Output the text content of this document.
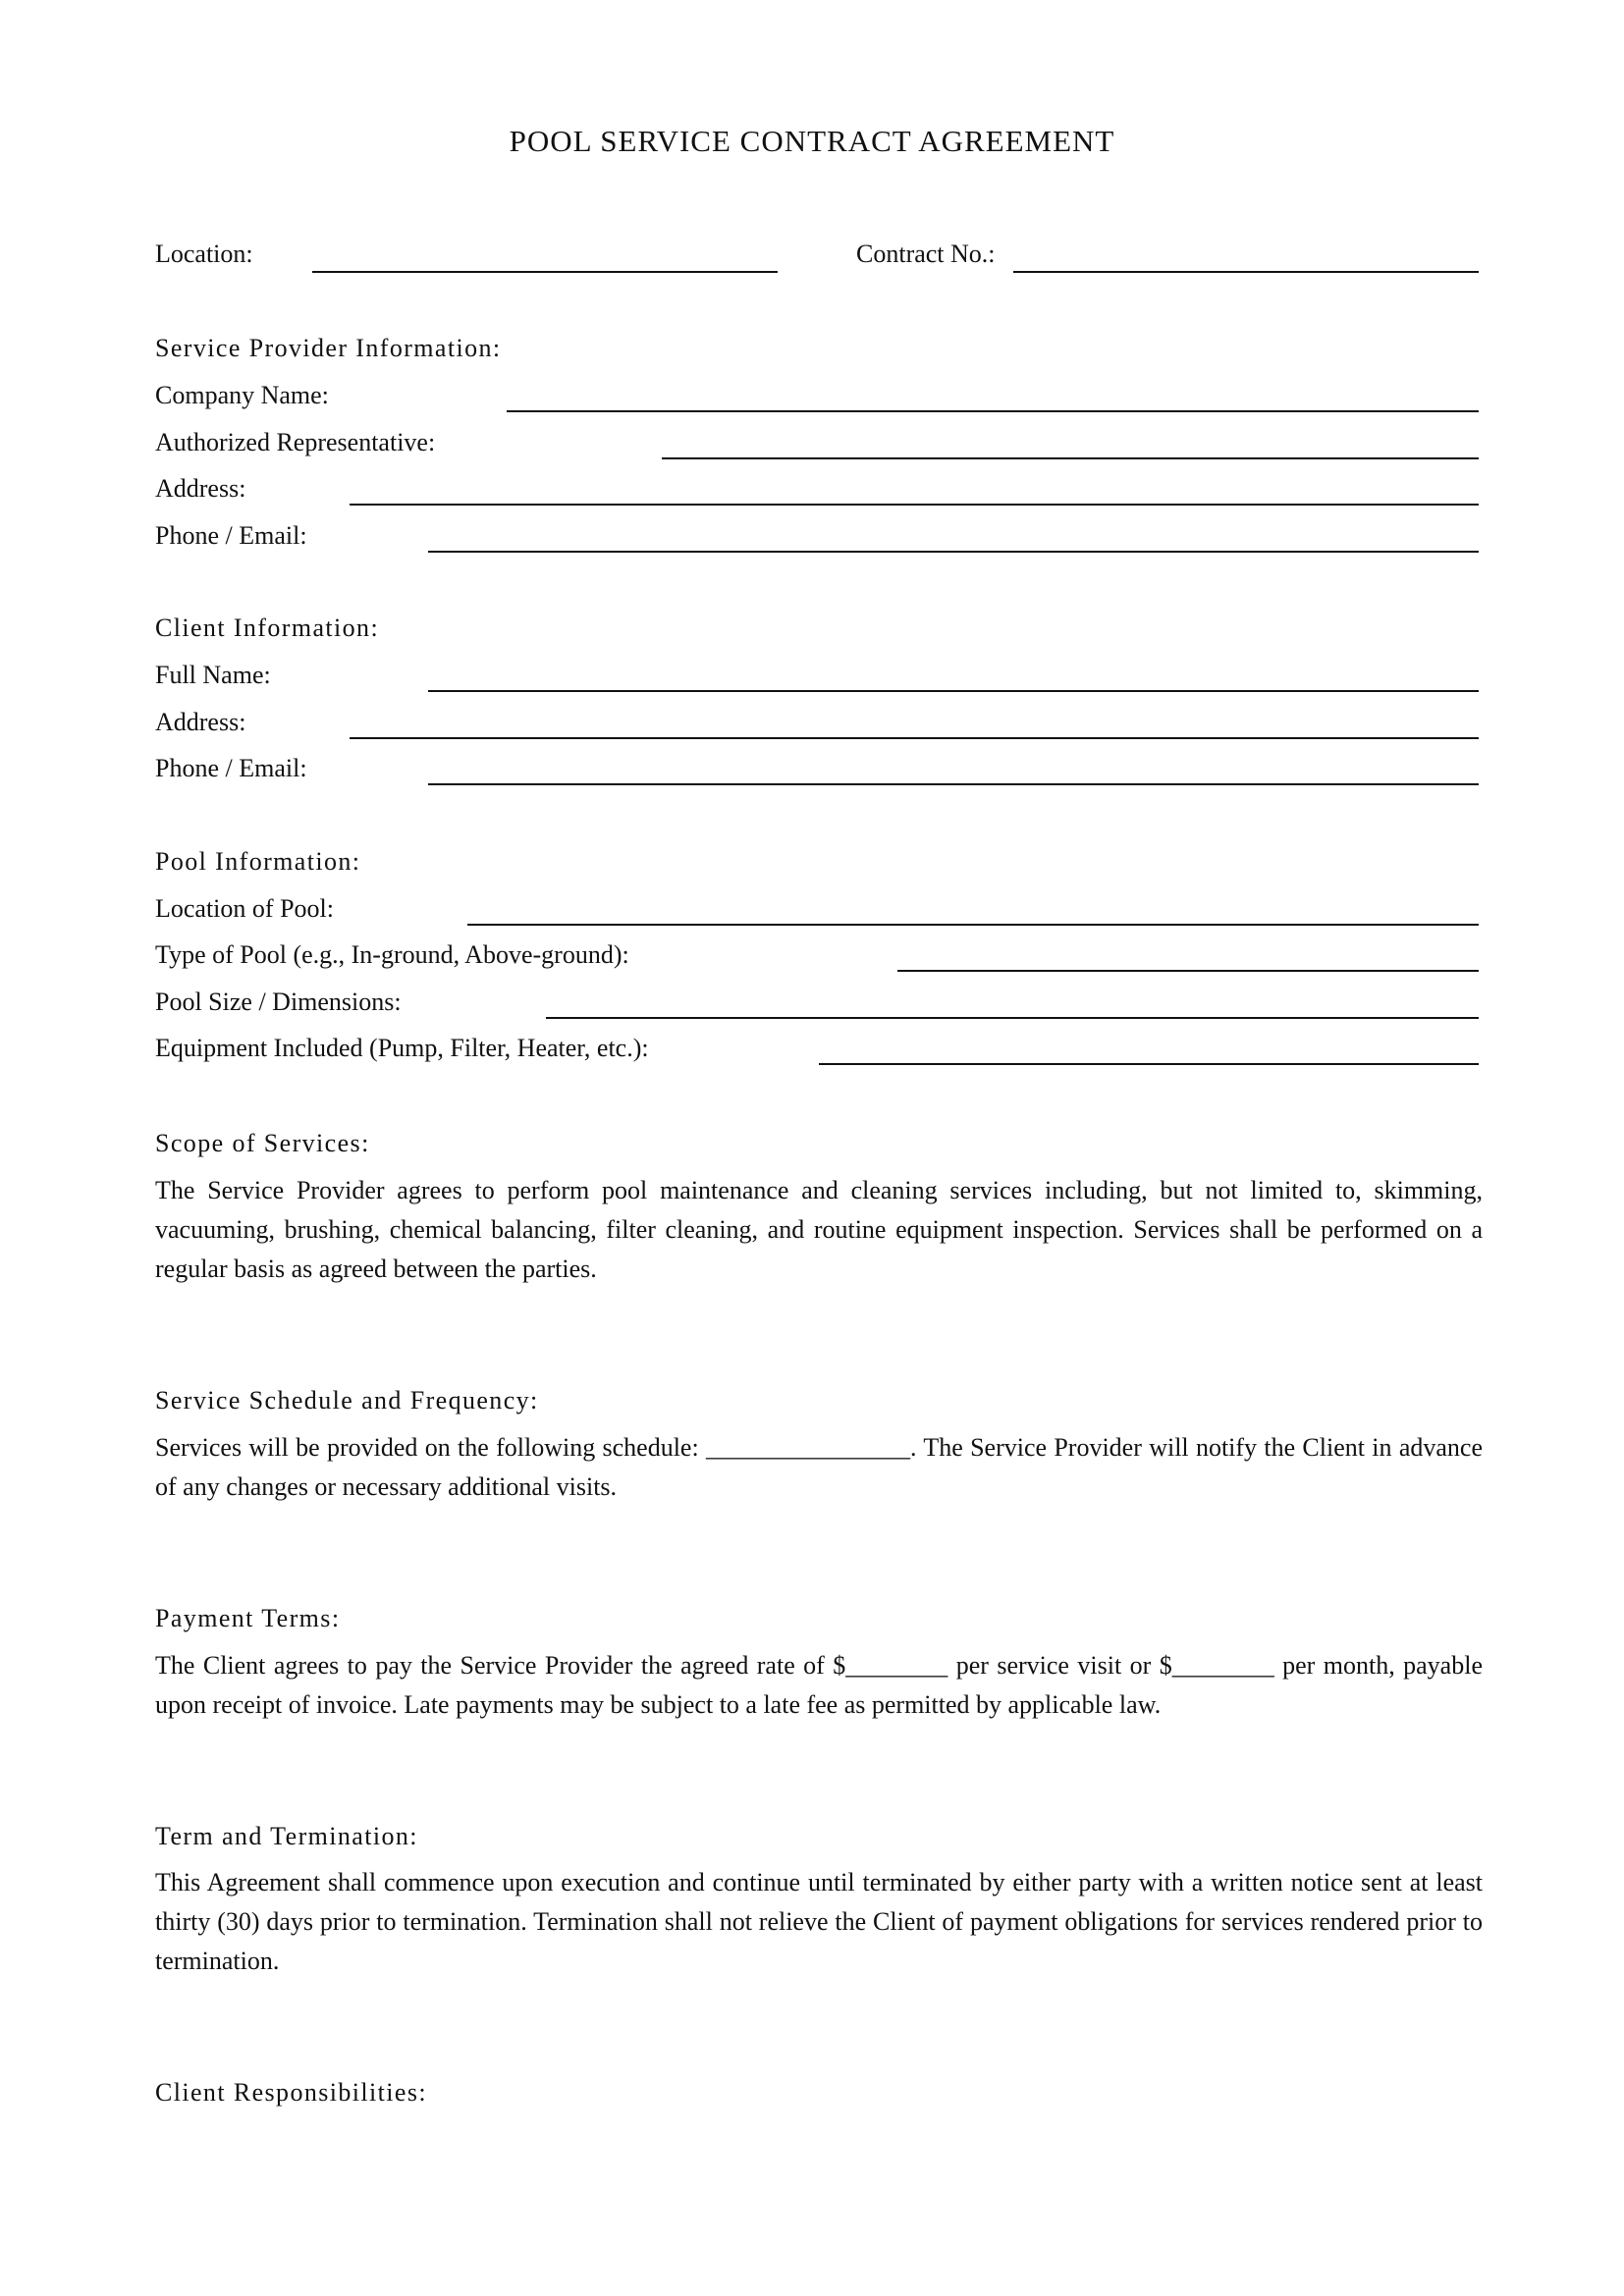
POOL SERVICE CONTRACT AGREEMENT
Location:	Contract No.:
Service Provider Information:
Company Name:
Authorized Representative:
Address:
Phone / Email:
Client Information:
Full Name:
Address:
Phone / Email:
Pool Information:
Location of Pool:
Type of Pool (e.g., In-ground, Above-ground):
Pool Size / Dimensions:
Equipment Included (Pump, Filter, Heater, etc.):
Scope of Services:

The Service Provider agrees to perform pool maintenance and cleaning services including, but not limited to, skimming, vacuuming, brushing, chemical balancing, filter cleaning, and routine equipment inspection. Services shall be performed on a regular basis as agreed between the parties.

Service Schedule and Frequency:

Services will be provided on the following schedule: ________________. The Service Provider will notify the Client in advance of any changes or necessary additional visits.

Payment Terms:

The Client agrees to pay the Service Provider the agreed rate of $________ per service visit or $________ per month, payable upon receipt of invoice. Late payments may be subject to a late fee as permitted by applicable law.

Term and Termination:

This Agreement shall commence upon execution and continue until terminated by either party with a written notice sent at least thirty (30) days prior to termination. Termination shall not relieve the Client of payment obligations for services rendered prior to termination.

Client Responsibilities:
